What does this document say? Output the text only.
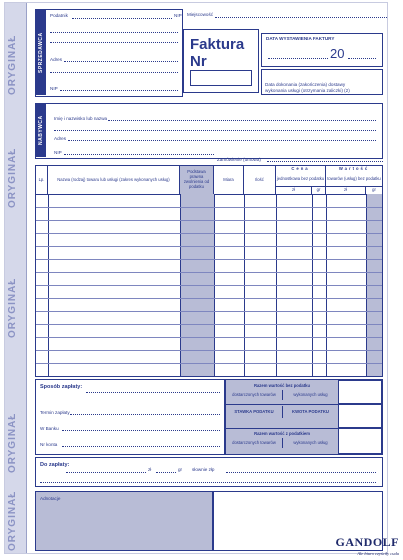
ORYGINAŁ
ORYGINAŁ
ORYGINAŁ
ORYGINAŁ
ORYGINAŁ
SPRZEDAWCA
Podatnik	NIP
Adres
NIP
Miejscowość
Faktura Nr
DATA WYSTAWIENIA FAKTURY
20
Data dokonania (zakończenia) dostawy wykonania usługi (otrzymania zaliczki) (2)
NABYWCA	Imię i nazwisko lub nazwa
Adres
NIP
Zamówienie (umowa)
Lp.	Nazwa (rodzaj) towaru lub usługi (zakres wykonanych usług)
Podstawa prawna zwolnienia od podatku
Miara	Ilość
Cena
jednostkowa bez podatku
Wartość
towarów (usług) bez podatku
zł	gr	zł	gr
Sposób zapłaty:
Termin zapłaty
W Banku
Nr konta
Razem wartość bez podatku
dostarczonych towarów	wykonanych usług
STAWKA PODATKU	KWOTA PODATKU
Razem wartość z podatkiem
dostarczonych towarów	wykonanych usług
Do zapłaty:
zł	gr słownie złp
Adnotacje
GANDOLF
Ale biuro czyściły cuda
